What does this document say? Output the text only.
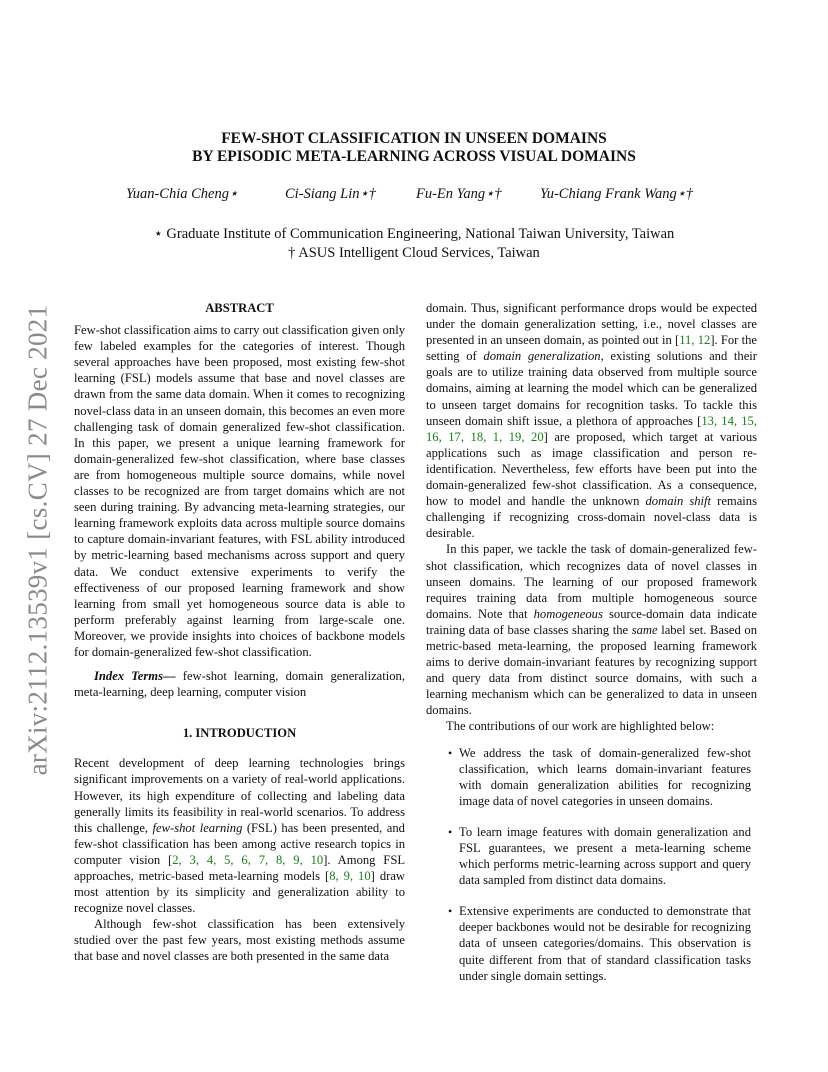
arXiv:2112.13539v1 [cs.CV] 27 Dec 2021
FEW-SHOT CLASSIFICATION IN UNSEEN DOMAINS
BY EPISODIC META-LEARNING ACROSS VISUAL DOMAINS
Yuan-Chia Cheng⋆	Ci-Siang Lin⋆†	Fu-En Yang⋆†	Yu-Chiang Frank Wang⋆†
⋆ Graduate Institute of Communication Engineering, National Taiwan University, Taiwan
† ASUS Intelligent Cloud Services, Taiwan
ABSTRACT

Few-shot classification aims to carry out classification given only few labeled examples for the categories of interest. Though several approaches have been proposed, most existing few-shot learning (FSL) models assume that base and novel classes are drawn from the same data domain. When it comes to recognizing novel-class data in an unseen domain, this becomes an even more challenging task of domain generalized few-shot classification. In this paper, we present a unique learning framework for domain-generalized few-shot classification, where base classes are from homogeneous multiple source domains, while novel classes to be recognized are from target domains which are not seen during training. By advancing meta-learning strategies, our learning framework exploits data across multiple source domains to capture domain-invariant features, with FSL ability introduced by metric-learning based mechanisms across support and query data. We conduct extensive experiments to verify the effectiveness of our proposed learning framework and show learning from small yet homogeneous source data is able to perform preferably against learning from large-scale one. Moreover, we provide insights into choices of backbone models for domain-generalized few-shot classification.

Index Terms— few-shot learning, domain generalization, meta-learning, deep learning, computer vision

1. INTRODUCTION

Recent development of deep learning technologies brings significant improvements on a variety of real-world applications. However, its high expenditure of collecting and labeling data generally limits its feasibility in real-world scenarios. To address this challenge, few-shot learning (FSL) has been presented, and few-shot classification has been among active research topics in computer vision [2, 3, 4, 5, 6, 7, 8, 9, 10]. Among FSL approaches, metric-based meta-learning models [8, 9, 10] draw most attention by its simplicity and generalization ability to recognize novel classes.

Although few-shot classification has been extensively studied over the past few years, most existing methods assume that base and novel classes are both presented in the same data

domain. Thus, significant performance drops would be expected under the domain generalization setting, i.e., novel classes are presented in an unseen domain, as pointed out in [11, 12]. For the setting of domain generalization, existing solutions and their goals are to utilize training data observed from multiple source domains, aiming at learning the model which can be generalized to unseen target domains for recognition tasks. To tackle this unseen domain shift issue, a plethora of approaches [13, 14, 15, 16, 17, 18, 1, 19, 20] are proposed, which target at various applications such as image classification and person re-identification. Nevertheless, few efforts have been put into the domain-generalized few-shot classification. As a consequence, how to model and handle the unknown domain shift remains challenging if recognizing cross-domain novel-class data is desirable.

In this paper, we tackle the task of domain-generalized few-shot classification, which recognizes data of novel classes in unseen domains. The learning of our proposed framework requires training data from multiple homogeneous source domains. Note that homogeneous source-domain data indicate training data of base classes sharing the same label set. Based on metric-based meta-learning, the proposed learning framework aims to derive domain-invariant features by recognizing support and query data from distinct source domains, with such a learning mechanism which can be generalized to data in unseen domains.

The contributions of our work are highlighted below:

• We address the task of domain-generalized few-shot classification, which learns domain-invariant features with domain generalization abilities for recognizing image data of novel categories in unseen domains.
• To learn image features with domain generalization and FSL guarantees, we present a meta-learning scheme which performs metric-learning across support and query data sampled from distinct data domains.
• Extensive experiments are conducted to demonstrate that deeper backbones would not be desirable for recognizing data of unseen categories/domains. This observation is quite different from that of standard classification tasks under single domain settings.
